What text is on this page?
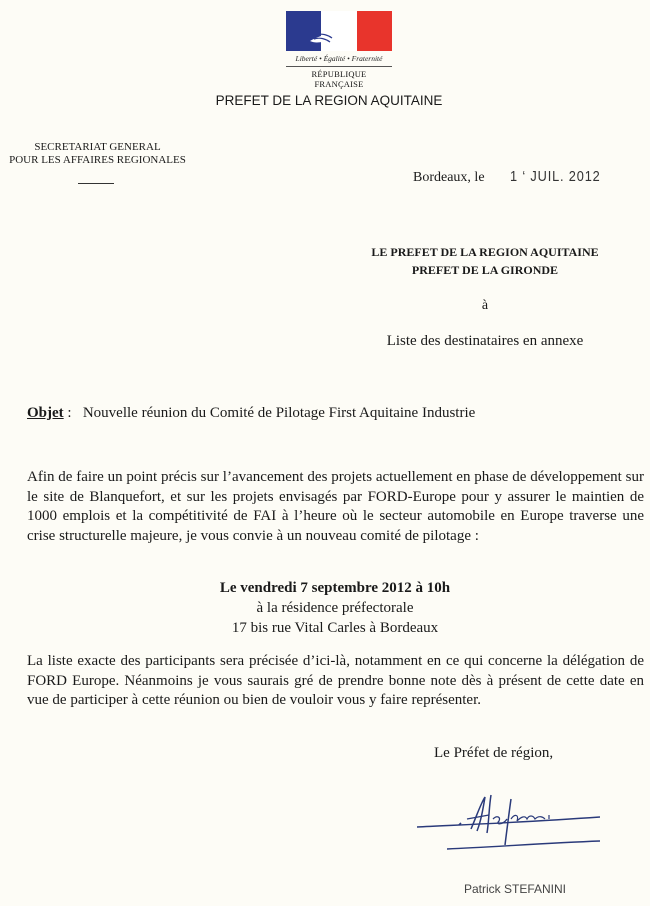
Liberté • Égalité • Fraternité
RÉPUBLIQUE FRANÇAISE
PREFET DE LA REGION AQUITAINE
SECRETARIAT GENERAL
POUR LES AFFAIRES REGIONALES
Bordeaux, le 1 ‘ JUIL. 2012
LE PREFET DE LA REGION AQUITAINE
PREFET DE LA GIRONDE
à
Liste des destinataires en annexe
Objet :   Nouvelle réunion du Comité de Pilotage First Aquitaine Industrie
Afin de faire un point précis sur l’avancement des projets actuellement en phase de développement sur le site de Blanquefort, et sur les projets envisagés par FORD-Europe pour y assurer le maintien de 1000 emplois et la compétitivité de FAI à l’heure où le secteur automobile en Europe traverse une crise structurelle majeure, je vous convie à un nouveau comité de pilotage :
Le vendredi 7 septembre 2012 à 10h
à la résidence préfectorale
17 bis rue Vital Carles à Bordeaux
La liste exacte des participants sera précisée d’ici-là, notamment en ce qui concerne la délégation de FORD Europe. Néanmoins je vous saurais gré de prendre bonne note dès à présent de cette date en vue de participer à cette réunion ou bien de vouloir vous y faire représenter.
Le Préfet de région,
Patrick STEFANINI
